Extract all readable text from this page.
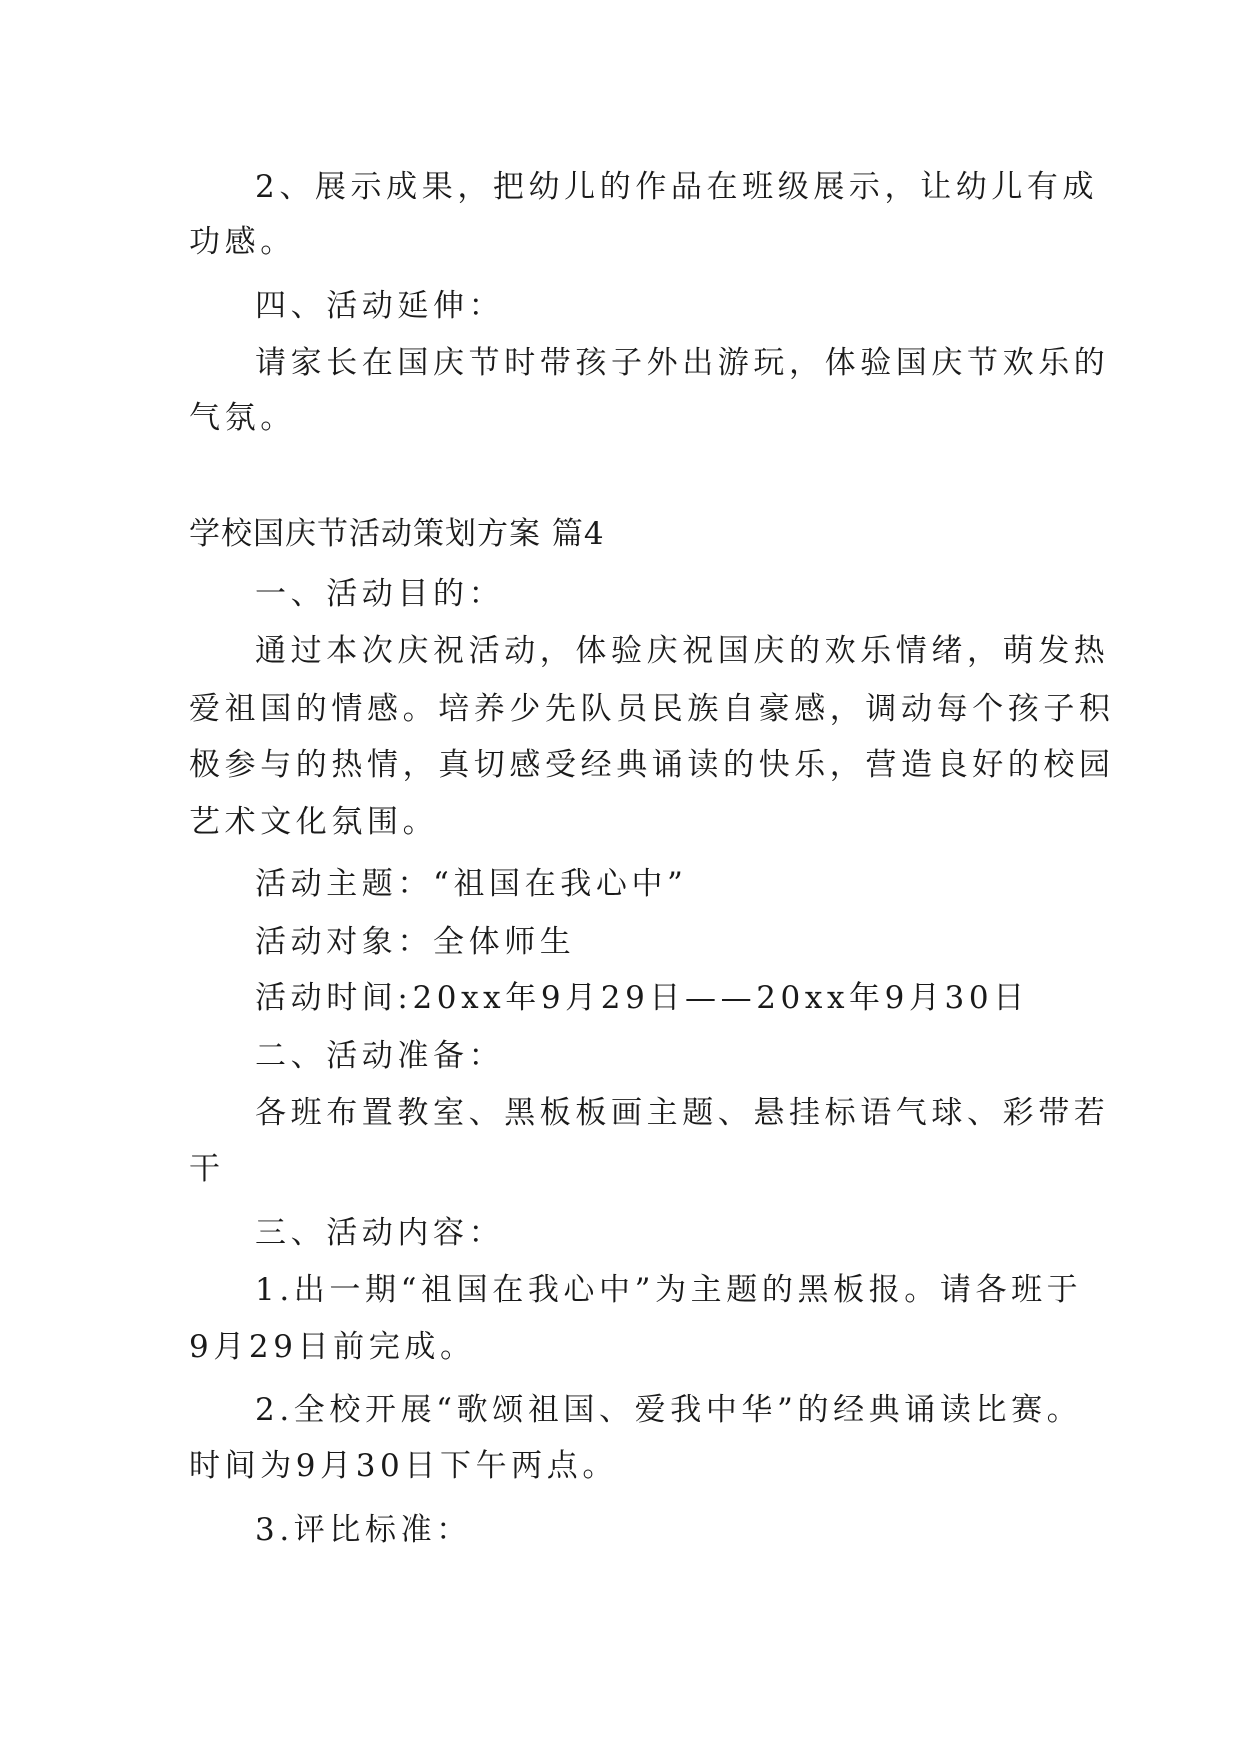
2、展示成果，把幼儿的作品在班级展示，让幼儿有成
功感。
四、活动延伸：
请家长在国庆节时带孩子外出游玩，体验国庆节欢乐的
气氛。
学校国庆节活动策划方案 篇4
一、活动目的：
通过本次庆祝活动，体验庆祝国庆的欢乐情绪，萌发热
爱祖国的情感。培养少先队员民族自豪感，调动每个孩子积
极参与的热情，真切感受经典诵读的快乐，营造良好的校园
艺术文化氛围。
活动主题：“祖国在我心中”
活动对象：全体师生
活动时间:20xx年9月29日——20xx年9月30日
二、活动准备：
各班布置教室、黑板板画主题、悬挂标语气球、彩带若
干
三、活动内容：
1.出一期“祖国在我心中”为主题的黑板报。请各班于
9月29日前完成。
2.全校开展“歌颂祖国、爱我中华”的经典诵读比赛。
时间为9月30日下午两点。
3.评比标准：
